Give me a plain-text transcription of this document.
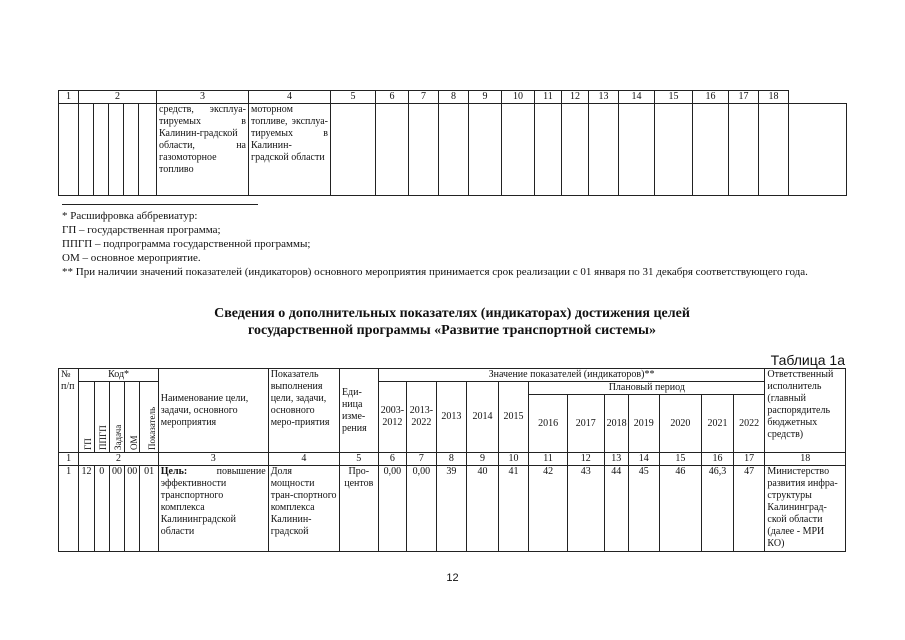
1	2					3	4	5	6	7	8	9	10	11	12	13	14	15	16	17	18	
						средств, эксплуа-тируемых в Калинин-градской области, на газомоторное топливо	моторном топливе, эксплуа-тируемых в Калинин-градской области															
* Расшифровка аббревиатур:
ГП – государственная программа;
ППГП – подпрограмма государственной программы;
ОМ – основное мероприятие.
** При наличии значений показателей (индикаторов) основного мероприятия принимается срок реализации с 01 января по 31 декабря соответствующего года.
Сведения о дополнительных показателях (индикаторах) достижения целей
государственной программы «Развитие транспортной системы»
Таблица 1а
№ п/п	Код*					Наименование цели, задачи, основного мероприятия	Показатель выполнения цели, задачи, основного меро-приятия	Еди-ница изме-рения	Значение показателей (индикаторов)**												Ответственный исполнитель (главный распорядитель бюджетных средств)
	ГП	ППГП	Задача	ОМ	Показатель				2003-2012	2013-2022	2013	2014	2015	Плановый период							
														2016	2017	2018	2019	2020	2021	2022	
1	2					3	4	5	6	7	8	9	10	11	12	13	14	15	16	17	18
1	12	0	00	00	01	Цель: повышение эффективности транспортного комплекса Калининградской области	Доля мощности тран-спортного комплекса Калинин-градской	Про-центов	0,00	0,00	39	40	41	42	43	44	45	46	46,3	47	Министерство развития инфра-структуры Калининград-ской области (далее - МРИ КО)
12
